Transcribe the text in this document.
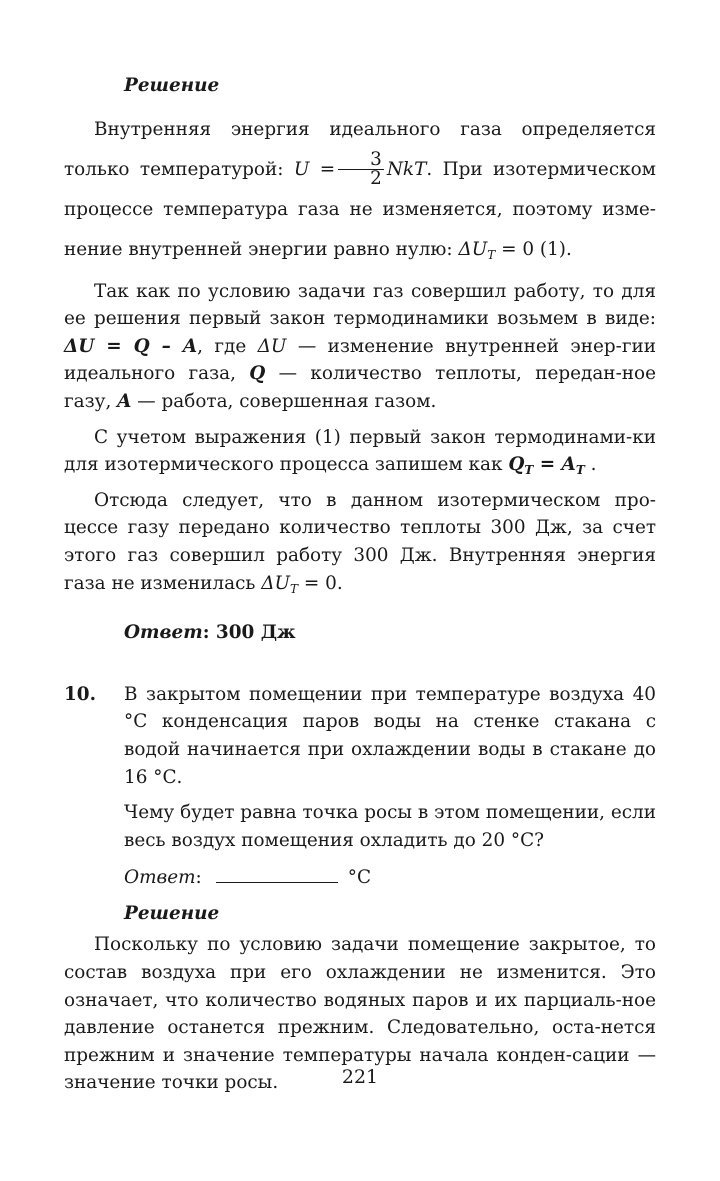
Решение

Внутренняя энергия идеального газа определяется только температурой: $U = \frac{3}{2}$ NkT. При изотермическом процессе температура газа не изменяется, поэтому изме-нение внутренней энергии равно нулю: $\Delta U_T = 0$ (1).

Так как по условию задачи газ совершил работу, то для ее решения первый закон термодинамики возьмем в виде: ΔU = Q – A, где ΔU — изменение внутренней энер-гии идеального газа, Q — количество теплоты, передан-ное газу, A — работа, совершенная газом.

С учетом выражения (1) первый закон термодинами-ки для изотермического процесса запишем как $Q_T = A_T$ .

Отсюда следует, что в данном изотермическом про-цессе газу передано количество теплоты 300 Дж, за счет этого газ совершил работу 300 Дж. Внутренняя энергия газа не изменилась $\Delta U_T = 0$.

Ответ: 300 Дж
10. В закрытом помещении при температуре воздуха 40 °С конденсация паров воды на стенке стакана с водой начинается при охлаждении воды в стакане до 16 °С.

Чему будет равна точка росы в этом помещении, если весь воздух помещения охладить до 20 °С?

Ответ:	°С
Решение

Поскольку по условию задачи помещение закрытое, то состав воздуха при его охлаждении не изменится. Это означает, что количество водяных паров и их парциаль-ное давление останется прежним. Следовательно, оста-нется прежним и значение температуры начала конден-сации — значение точки росы.	221
